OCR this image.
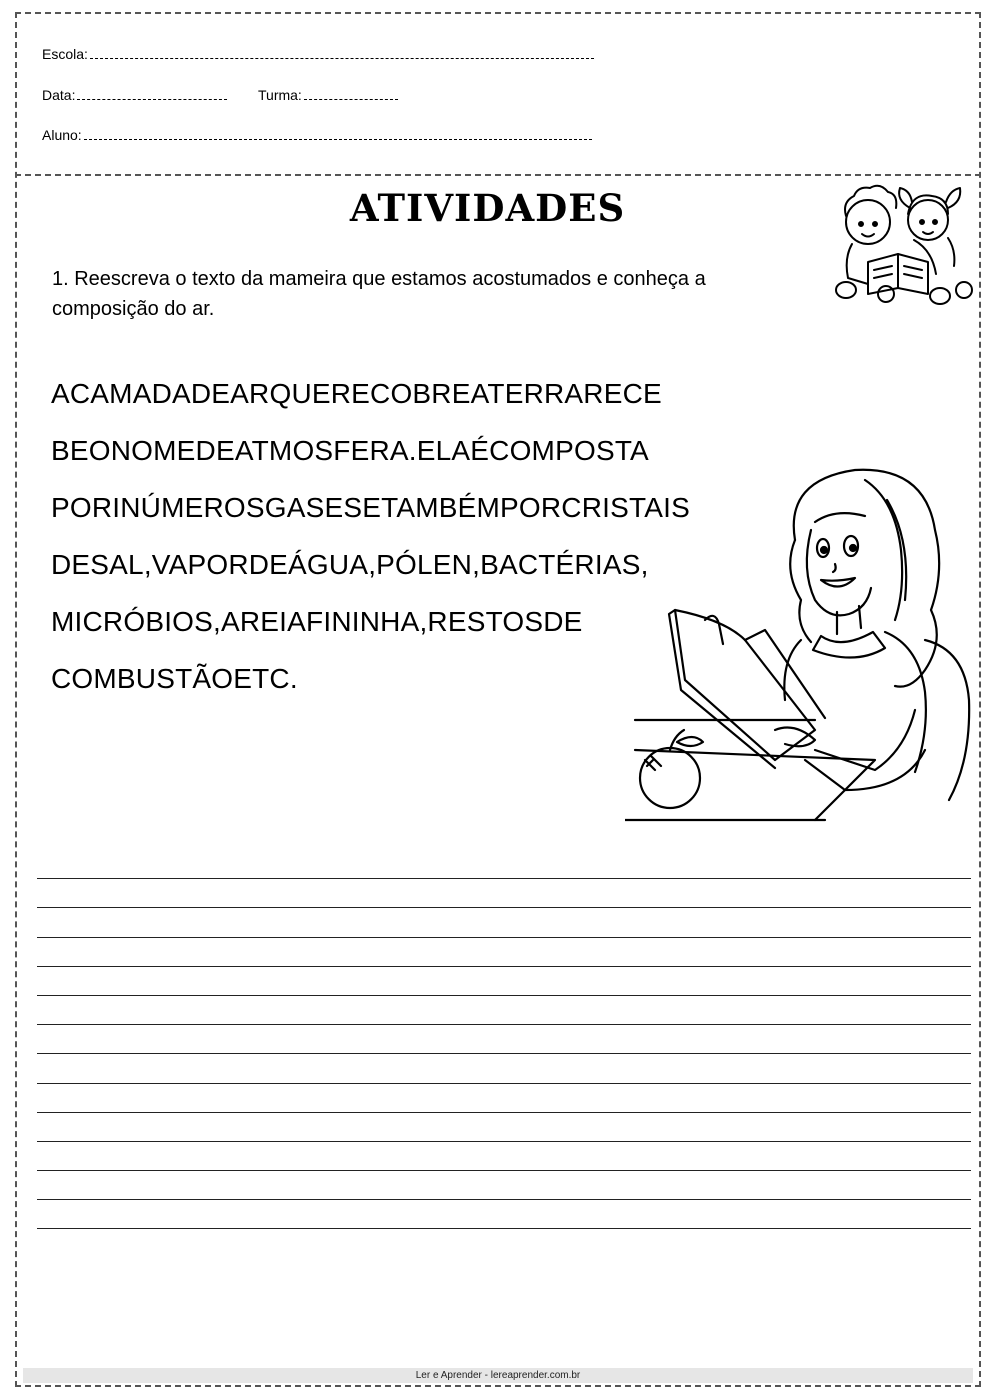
Escola:
Data:	Turma:
Aluno:
ATIVIDADES
1. Reescreva o texto da mameira que estamos acostumados e conheça a composição do ar.
ACAMADADEARQUERECOBREATERRARECE
BEONOMEDEATMOSFERA.ELAÉCOMPOSTA
PORINÚMEROSGASESETAMBÉMPORCRISTAIS
DESAL,VAPORDEÁGUA,PÓLEN,BACTÉRIAS,
MICRÓBIOS,AREIAFININHA,RESTOSDE
COMBUSTÃOETC.
Ler e Aprender - lereaprender.com.br
